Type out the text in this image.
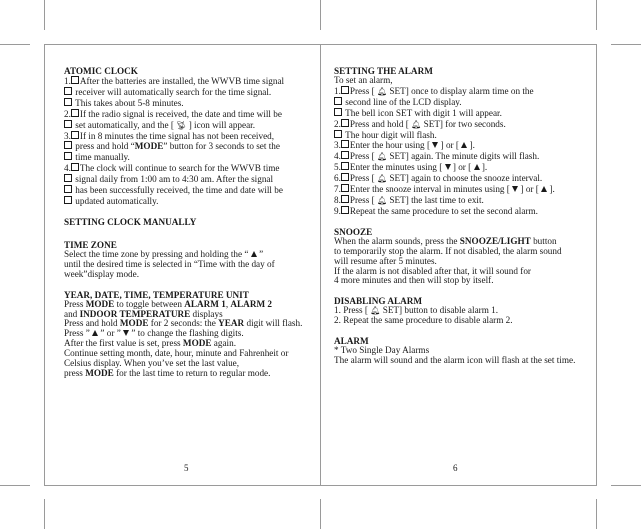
ATOMIC CLOCK
1. After the batteries are installed, the WWVB time signal
receiver will automatically search for the time signal.
This takes about 5-8 minutes.
2. If the radio signal is received, the date and time will be
set automatically, and the [ 📡︎ ] icon will appear.
3. If in 8 minutes the time signal has not been received,
press and hold “MODE” button for 3 seconds to set the
time manually.
4. The clock will continue to search for the WWVB time
signal daily from 1:00 am to 4:30 am. After the signal
has been successfully received, the time and date will be
updated automatically.
SETTING CLOCK MANUALLY
TIME ZONE
Select the time zone by pressing and holding the “  ”
until the desired time is selected in “Time with the day of
week”display mode.
YEAR, DATE, TIME, TEMPERATURE UNIT
Press MODE to toggle between ALARM 1, ALARM 2
and INDOOR TEMPERATURE displays
Press and hold MODE for 2 seconds: the YEAR digit will flash.
Press ”  ” or ”  ” to change the flashing digits.
After the first value is set, press MODE again.
Continue setting month, date, hour, minute and Fahrenheit or
Celsius display. When you’ve set the last value,
press MODE for the last time to return to regular mode.
5
SETTING THE ALARM
To set an alarm,
1. Press [ 🔔︎ SET] once to display alarm time on the
second line of the LCD display.
The bell icon SET with digit 1 will appear.
2. Press and hold [ 🔔︎ SET] for two seconds.
The hour digit will flash.
3. Enter the hour using [  ] or [  ].
4. Press [ 🔔︎ SET] again. The minute digits will flash.
5. Enter the minutes using [  ] or [  ].
6. Press [ 🔔︎ SET] again to choose the snooze interval.
7. Enter the snooze interval in minutes using [  ] or [  ].
8. Press [ 🔔︎ SET] the last time to exit.
9. Repeat the same procedure to set the second alarm.
SNOOZE
When the alarm sounds, press the SNOOZE/LIGHT button
to temporarily stop the alarm. If not disabled, the alarm sound
will resume after 5 minutes.
If the alarm is not disabled after that, it will sound for
4 more minutes and then will stop by itself.
DISABLING ALARM
1. Press [ 🔔︎ SET] button to disable alarm 1.
2. Repeat the same procedure to disable alarm 2.
ALARM
* Two Single Day Alarms
The alarm will sound and the alarm icon will flash at the set time.
6
